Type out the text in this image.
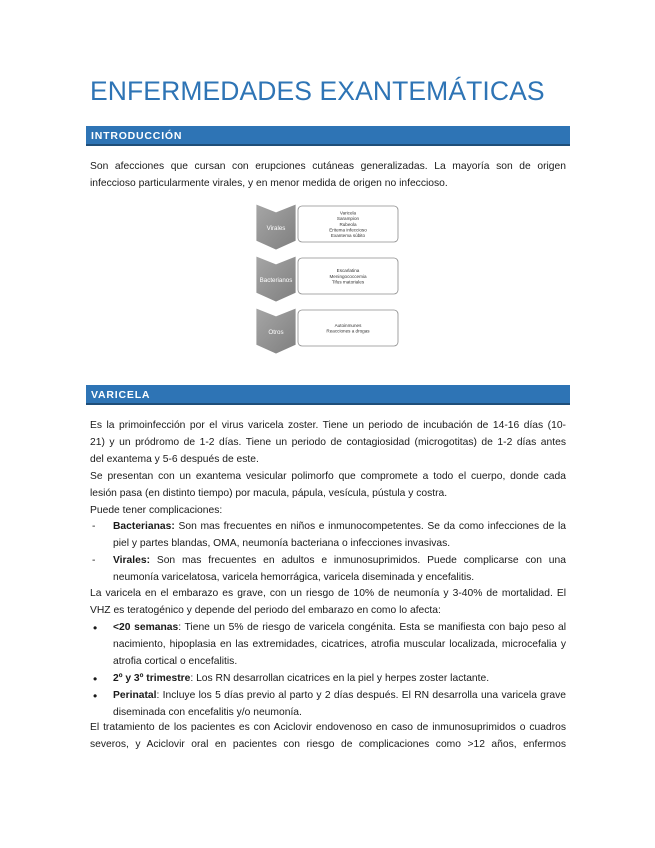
ENFERMEDADES EXANTEMÁTICAS
INTRODUCCIÓN

Son afecciones que cursan con erupciones cutáneas generalizadas. La mayoría son de origen
infeccioso particularmente virales, y en menor medida de origen no infeccioso.

Virales
Varicela
Sarampion
Rubeola
Eritema infeccioso
Exantema súbito
Bacterianos
Escarlatina
Meningococcemia
Tifus matoriales
Otros
Autoinmunes
Reacciones a drogas
VARICELA

Es la primoinfección por el virus varicela zoster. Tiene un periodo de incubación de 14-16 días (10-
21) y un pródromo de 1-2 días. Tiene un periodo de contagiosidad (microgotitas) de 1-2 días antes
del exantema y 5-6 después de este.
Se presentan con un exantema vesicular polimorfo que compromete a todo el cuerpo, donde cada
lesión pasa (en distinto tiempo) por macula, pápula, vesícula, pústula y costra.
Puede tener complicaciones:

- Bacterianas: Son mas frecuentes en niños e inmunocompetentes. Se da como infecciones de la piel y partes blandas, OMA, neumonía bacteriana o infecciones invasivas.
- Virales: Son mas frecuentes en adultos e inmunosuprimidos. Puede complicarse con una neumonía varicelatosa, varicela hemorrágica, varicela diseminada y encefalitis.

La varicela en el embarazo es grave, con un riesgo de 10% de neumonía y 3-40% de mortalidad. El
VHZ es teratogénico y depende del periodo del embarazo en como lo afecta:

• <20 semanas: Tiene un 5% de riesgo de varicela congénita. Esta se manifiesta con bajo peso al nacimiento, hipoplasia en las extremidades, cicatrices, atrofia muscular localizada, microcefalia y atrofia cortical o encefalitis.
• 2º y 3º trimestre: Los RN desarrollan cicatrices en la piel y herpes zoster lactante.
• Perinatal: Incluye los 5 días previo al parto y 2 días después. El RN desarrolla una varicela grave diseminada con encefalitis y/o neumonía.

El tratamiento de los pacientes es con Aciclovir endovenoso en caso de inmunosuprimidos o cuadros
severos, y Aciclovir oral en pacientes con riesgo de complicaciones como >12 años, enfermos
